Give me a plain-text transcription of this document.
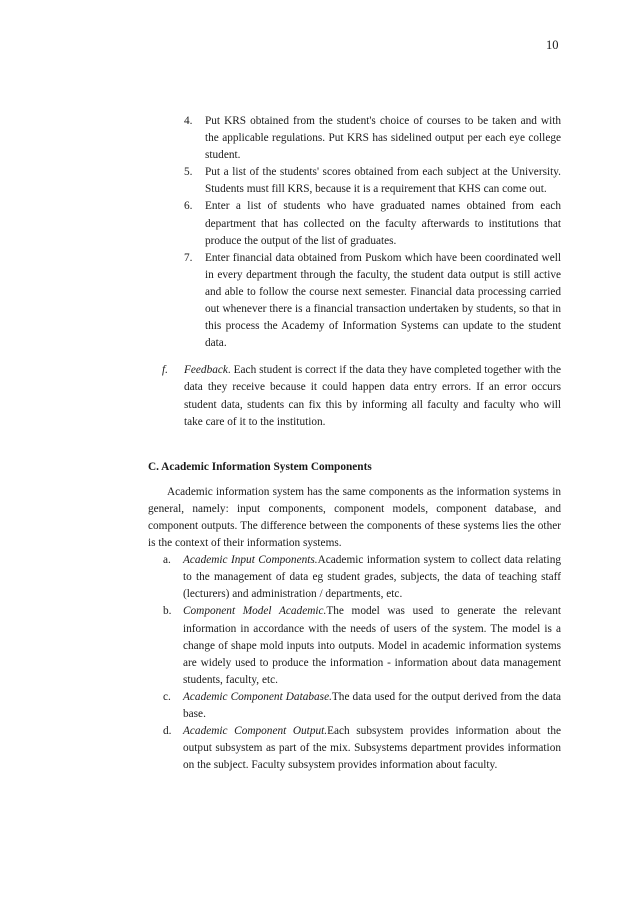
10
4.	Put KRS obtained from the student's choice of courses to be taken and with the applicable regulations. Put KRS has sidelined output per each eye college student.
5.	Put a list of the students' scores obtained from each subject at the University. Students must fill KRS, because it is a requirement that KHS can come out.
6.	Enter a list of students who have graduated names obtained from each department that has collected on the faculty afterwards to institutions that produce the output of the list of graduates.
7.	Enter financial data obtained from Puskom which have been coordinated well in every department through the faculty, the student data output is still active and able to follow the course next semester. Financial data processing carried out whenever there is a financial transaction undertaken by students, so that in this process the Academy of Information Systems can update to the student data.
f.	Feedback. Each student is correct if the data they have completed together with the data they receive because it could happen data entry errors. If an error occurs student data, students can fix this by informing all faculty and faculty who will take care of it to the institution.
C. Academic Information System Components
Academic information system has the same components as the information systems in general, namely: input components, component models, component database, and component outputs. The difference between the components of these systems lies the other is the context of their information systems.
a.	Academic Input Components.Academic information system to collect data relating to the management of data eg student grades, subjects, the data of teaching staff (lecturers) and administration / departments, etc.
b.	Component Model Academic.The model was used to generate the relevant information in accordance with the needs of users of the system. The model is a change of shape mold inputs into outputs. Model in academic information systems are widely used to produce the information - information about data management students, faculty, etc.
c.	Academic Component Database.The data used for the output derived from the data base.
d.	Academic Component Output.Each subsystem provides information about the output subsystem as part of the mix. Subsystems department provides information on the subject. Faculty subsystem provides information about faculty.
